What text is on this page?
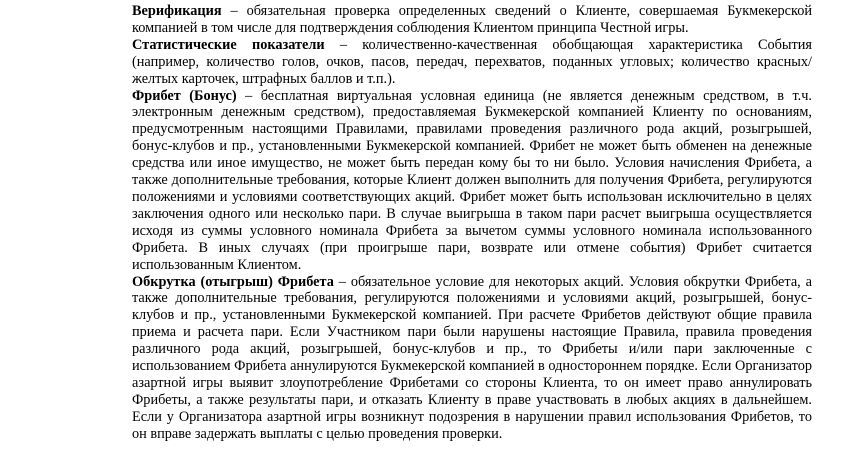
Верификация – обязательная проверка определенных сведений о Клиенте, совершаемая Букмекерской компанией в том числе для подтверждения соблюдения Клиентом принципа Честной игры.

Статистические показатели – количественно-качественная обобщающая характеристика События (например, количество голов, очков, пасов, передач, перехватов, поданных угловых; количество красных/желтых карточек, штрафных баллов и т.п.).

Фрибет (Бонус) – бесплатная виртуальная условная единица (не является денежным средством, в т.ч. электронным денежным средством), предоставляемая Букмекерской компанией Клиенту по основаниям, предусмотренным настоящими Правилами, правилами проведения различного рода акций, розыгрышей, бонус-клубов и пр., установленными Букмекерской компанией. Фрибет не может быть обменен на денежные средства или иное имущество, не может быть передан кому бы то ни было. Условия начисления Фрибета, а также дополнительные требования, которые Клиент должен выполнить для получения Фрибета, регулируются положениями и условиями соответствующих акций. Фрибет может быть использован исключительно в целях заключения одного или несколько пари. В случае выигрыша в таком пари расчет выигрыша осуществляется исходя из суммы условного номинала Фрибета за вычетом суммы условного номинала использованного Фрибета. В иных случаях (при проигрыше пари, возврате или отмене события) Фрибет считается использованным Клиентом.

Обкрутка (отыгрыш) Фрибета – обязательное условие для некоторых акций. Условия обкрутки Фрибета, а также дополнительные требования, регулируются положениями и условиями акций, розыгрышей, бонус-клубов и пр., установленными Букмекерской компанией. При расчете Фрибетов действуют общие правила приема и расчета пари. Если Участником пари были нарушены настоящие Правила, правила проведения различного рода акций, розыгрышей, бонус-клубов и пр., то Фрибеты и/или пари заключенные с использованием Фрибета аннулируются Букмекерской компанией в одностороннем порядке. Если Организатор азартной игры выявит злоупотребление Фрибетами со стороны Клиента, то он имеет право аннулировать Фрибеты, а также результаты пари, и отказать Клиенту в праве участвовать в любых акциях в дальнейшем. Если у Организатора азартной игры возникнут подозрения в нарушении правил использования Фрибетов, то он вправе задержать выплаты с целью проведения проверки.
